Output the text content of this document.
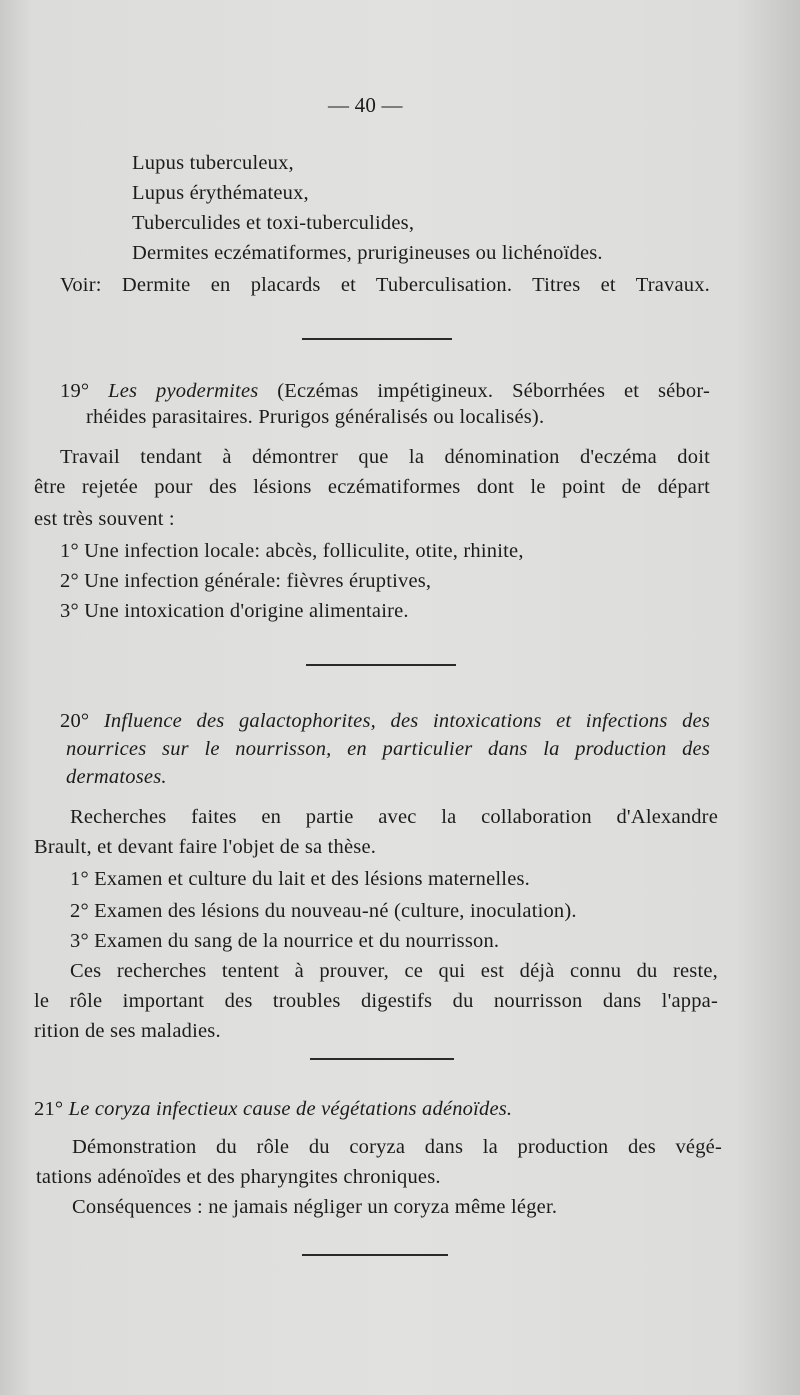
— 40 —
Lupus tuberculeux,
Lupus érythémateux,
Tuberculides et toxi-tuberculides,
Dermites eczématiformes, prurigineuses ou lichénoïdes.
Voir: Dermite en placards et Tuberculisation. Titres et Travaux.
19° Les pyodermites (Eczémas impétigineux. Séborrhées et sébor-
rhéides parasitaires. Prurigos généralisés ou localisés).
Travail tendant à démontrer que la dénomination d'eczéma doit
être rejetée pour des lésions eczématiformes dont le point de départ
est très souvent :
1° Une infection locale: abcès, folliculite, otite, rhinite,
2° Une infection générale: fièvres éruptives,
3° Une intoxication d'origine alimentaire.
20° Influence des galactophorites, des intoxications et infections des
nourrices sur le nourrisson, en particulier dans la production des
dermatoses.
Recherches faites en partie avec la collaboration d'Alexandre
Brault, et devant faire l'objet de sa thèse.
1° Examen et culture du lait et des lésions maternelles.
2° Examen des lésions du nouveau-né (culture, inoculation).
3° Examen du sang de la nourrice et du nourrisson.
Ces recherches tentent à prouver, ce qui est déjà connu du reste,
le rôle important des troubles digestifs du nourrisson dans l'appa-
rition de ses maladies.
21° Le coryza infectieux cause de végétations adénoïdes.
Démonstration du rôle du coryza dans la production des végé-
tations adénoïdes et des pharyngites chroniques.
Conséquences : ne jamais négliger un coryza même léger.
